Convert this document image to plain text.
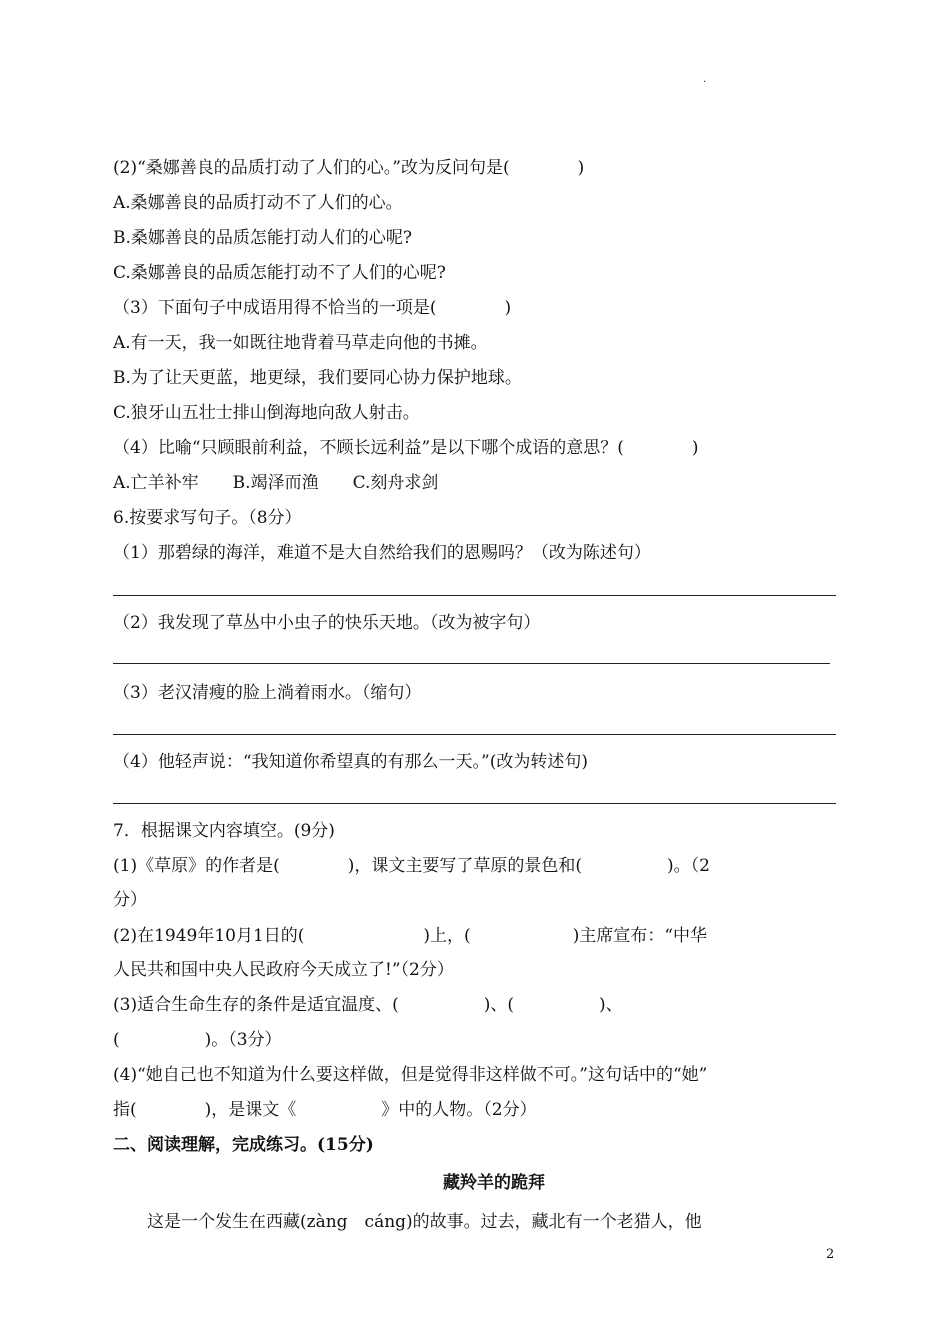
.
(2)“桑娜善良的品质打动了人们的心。”改为反问句是(　　　　)
A.桑娜善良的品质打动不了人们的心。
B.桑娜善良的品质怎能打动人们的心呢?
C.桑娜善良的品质怎能打动不了人们的心呢?
（3）下面句子中成语用得不恰当的一项是(　　　　)
A.有一天，我一如既往地背着马草走向他的书摊。
B.为了让天更蓝，地更绿，我们要同心协力保护地球。
C.狼牙山五壮士排山倒海地向敌人射击。
（4）比喻“只顾眼前利益，不顾长远利益”是以下哪个成语的意思？(　　　　)
A.亡羊补牢　　B.竭泽而渔　　C.刻舟求剑
6.按要求写句子。（8分）
（1）那碧绿的海洋，难道不是大自然给我们的恩赐吗？（改为陈述句）
（2）我发现了草丛中小虫子的快乐天地。（改为被字句）
（3）老汉清瘦的脸上淌着雨水。（缩句）
（4）他轻声说：“我知道你希望真的有那么一天。”(改为转述句)
7．根据课文内容填空。(9分)
(1)《草原》的作者是(　　　　)，课文主要写了草原的景色和(　　　　　)。（2
分）
(2)在1949年10月1日的(　　　　　　　)上，(　　　　　　)主席宣布：“中华
人民共和国中央人民政府今天成立了!”（2分）
(3)适合生命生存的条件是适宜温度、(　　　　　)、(　　　　　)、
(　　　　　)。（3分）
(4)“她自己也不知道为什么要这样做，但是觉得非这样做不可。”这句话中的“她”
指(　　　　)，是课文《　　　　　》中的人物。（2分）
二、阅读理解，完成练习。(15分)
藏羚羊的跪拜
　　这是一个发生在西藏(zàng　cáng)的故事。过去，藏北有一个老猎人，他
2
